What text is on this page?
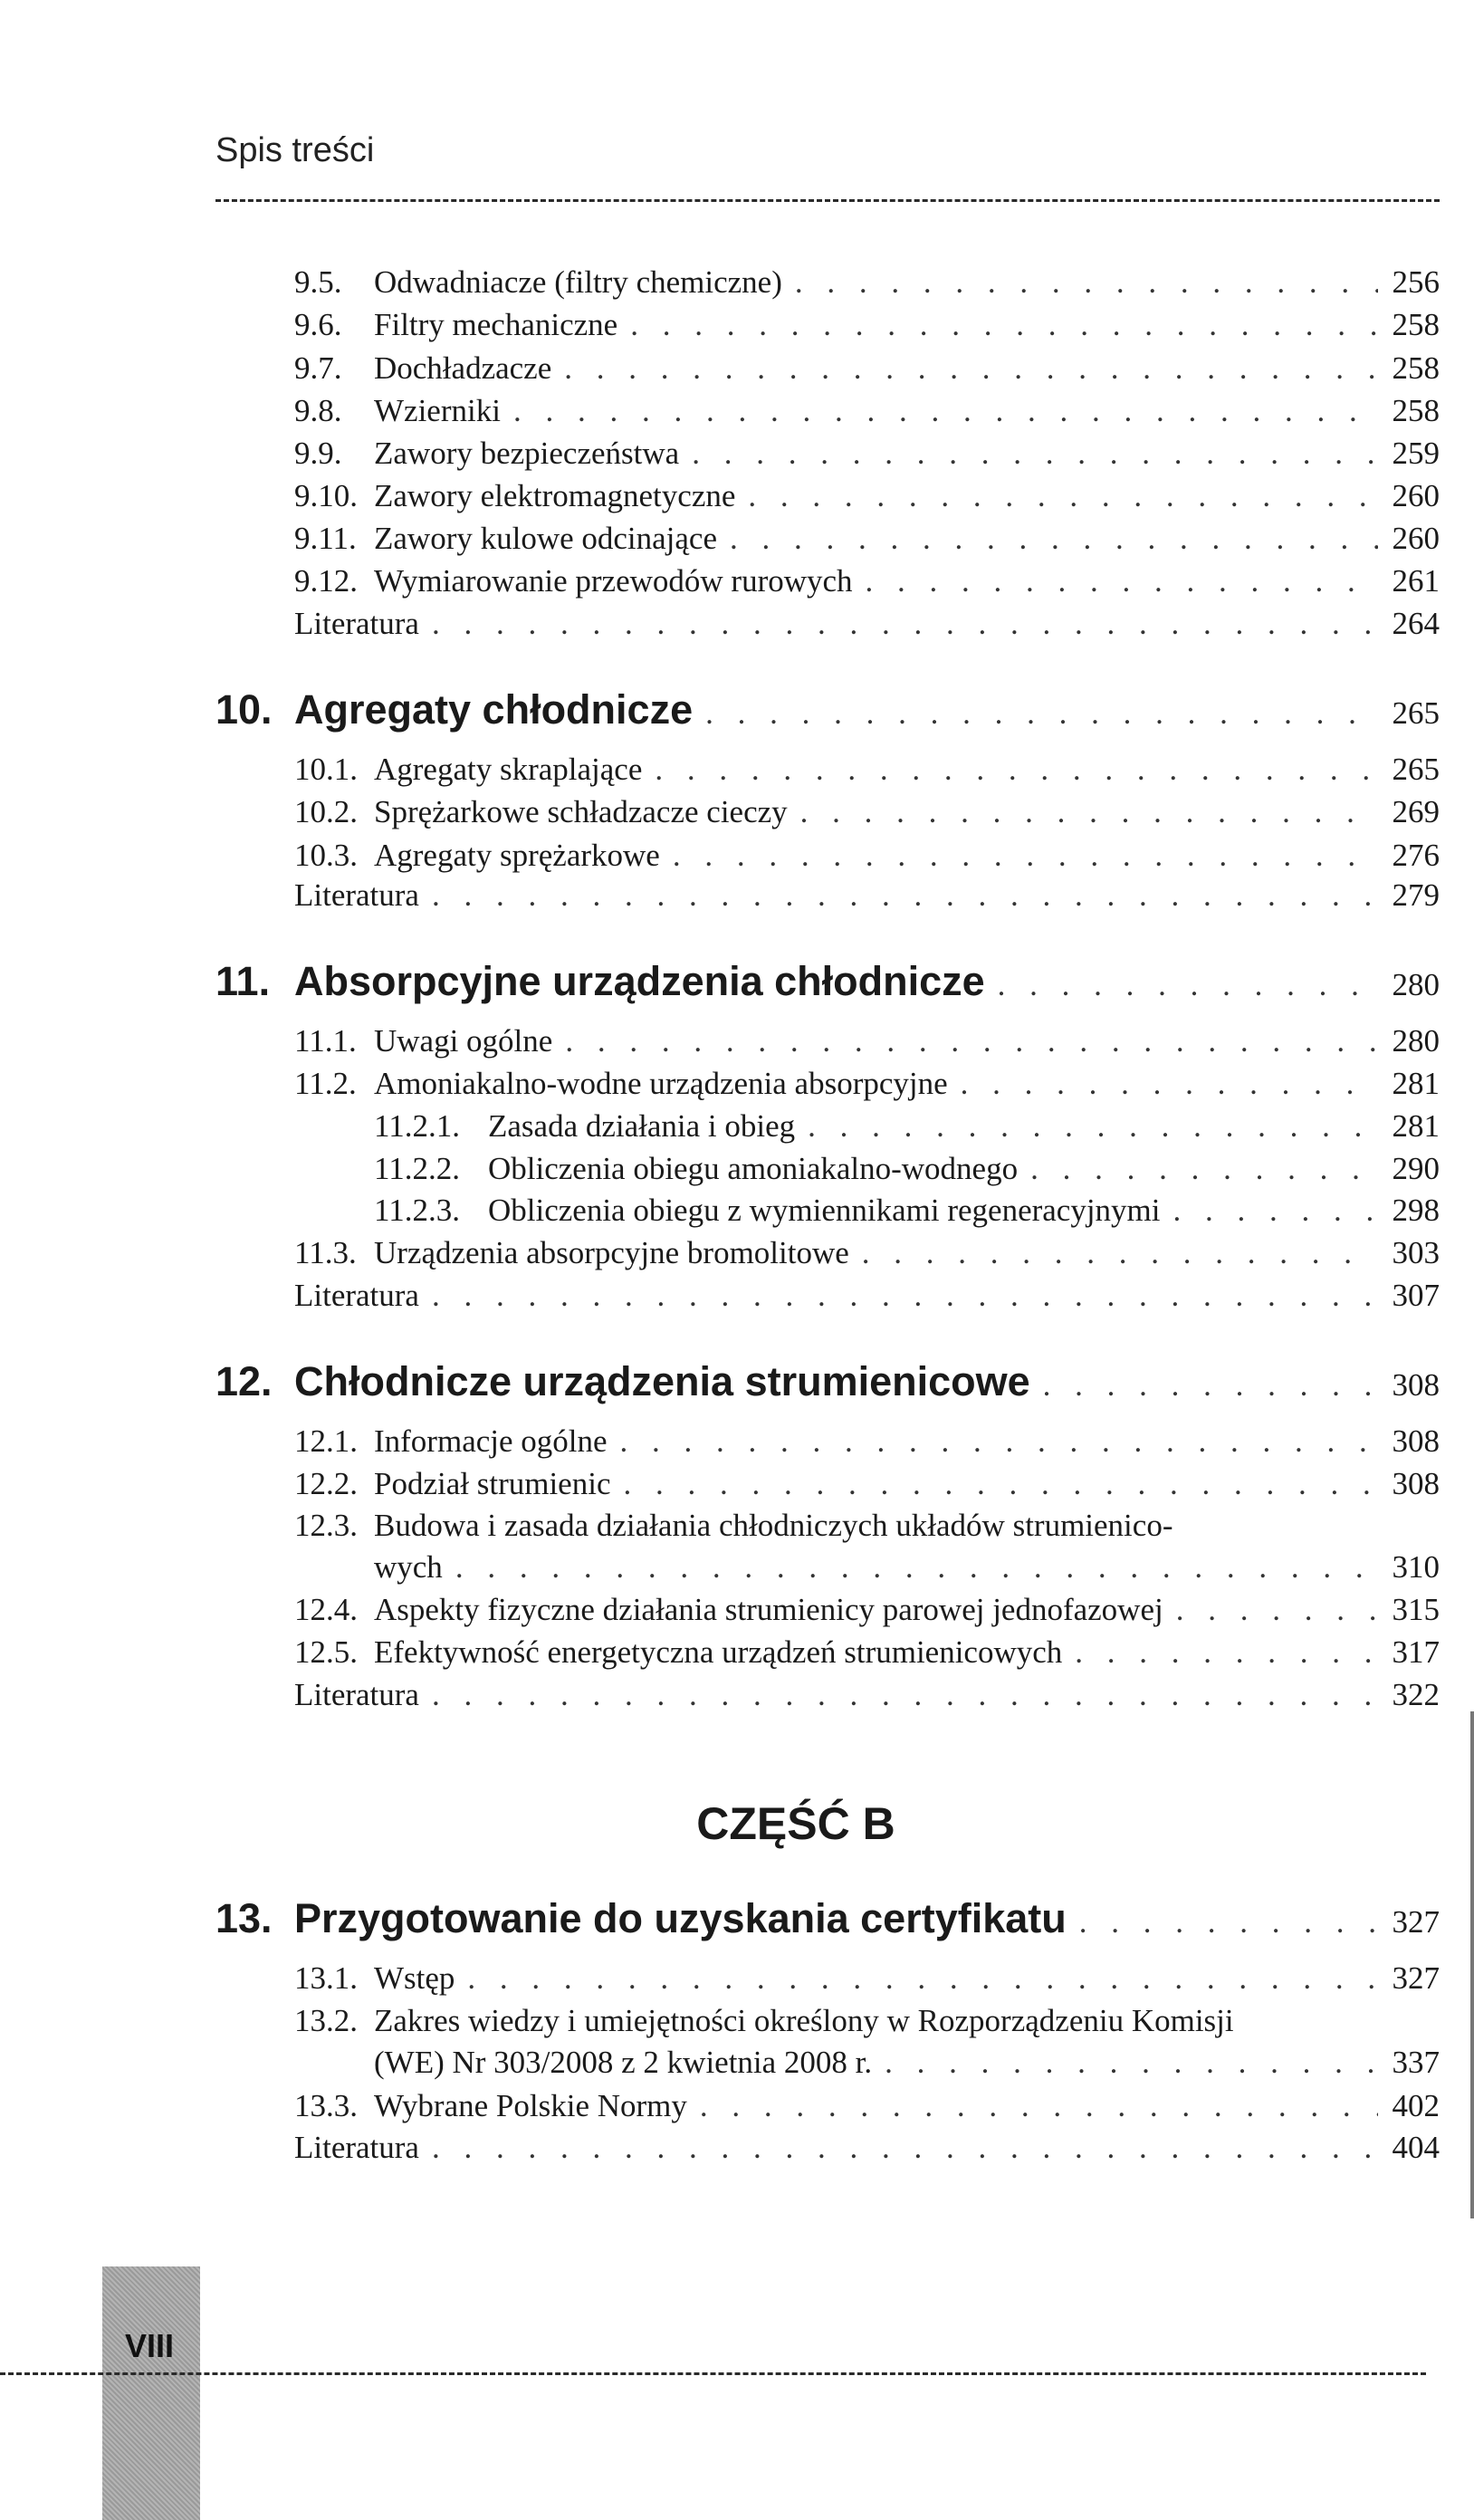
Spis treści
9.5.	Odwadniacze (filtry chemiczne) . . .	256
9.6.	Filtry mechaniczne . . .	258
9.7.	Dochładzacze . . .	258
9.8.	Wzierniki . . .	258
9.9.	Zawory bezpieczeństwa . . .	259
9.10. Zawory elektromagnetyczne . . .	260
9.11. Zawory kulowe odcinające . . .	260
9.12. Wymiarowanie przewodów rurowych . . .	261
Literatura . . .	264
10. Agregaty chłodnicze . . .	265
10.1. Agregaty skraplające . . .	265
10.2. Sprężarkowe schładzacze cieczy . . .	269
10.3. Agregaty sprężarkowe . . .	276
Literatura . . .	279
11. Absorpcyjne urządzenia chłodnicze . . .	280
11.1. Uwagi ogólne . . .	280
11.2. Amoniakalno-wodne urządzenia absorpcyjne . . .	281
11.2.1. Zasada działania i obieg . . .	281
11.2.2. Obliczenia obiegu amoniakalno-wodnego . . .	290
11.2.3. Obliczenia obiegu z wymiennikami regeneracyjnymi . . .	298
11.3. Urządzenia absorpcyjne bromolitowe . . .	303
Literatura . . .	307
12. Chłodnicze urządzenia strumienicowe . . .	308
12.1. Informacje ogólne . . .	308
12.2. Podział strumienic . . .	308
12.3. Budowa i zasada działania chłodniczych układów strumienico-
wych . . .	310
12.4. Aspekty fizyczne działania strumienicy parowej jednofazowej . . .	315
12.5. Efektywność energetyczna urządzeń strumienicowych . . .	317
Literatura . . .	322
CZĘŚĆ B
13. Przygotowanie do uzyskania certyfikatu . . .	327
13.1. Wstęp . . .	327
13.2. Zakres wiedzy i umiejętności określony w Rozporządzeniu Komisji
(WE) Nr 303/2008 z 2 kwietnia 2008 r. . . .	337
13.3. Wybrane Polskie Normy . . .	402
Literatura . . .	404
VIII
